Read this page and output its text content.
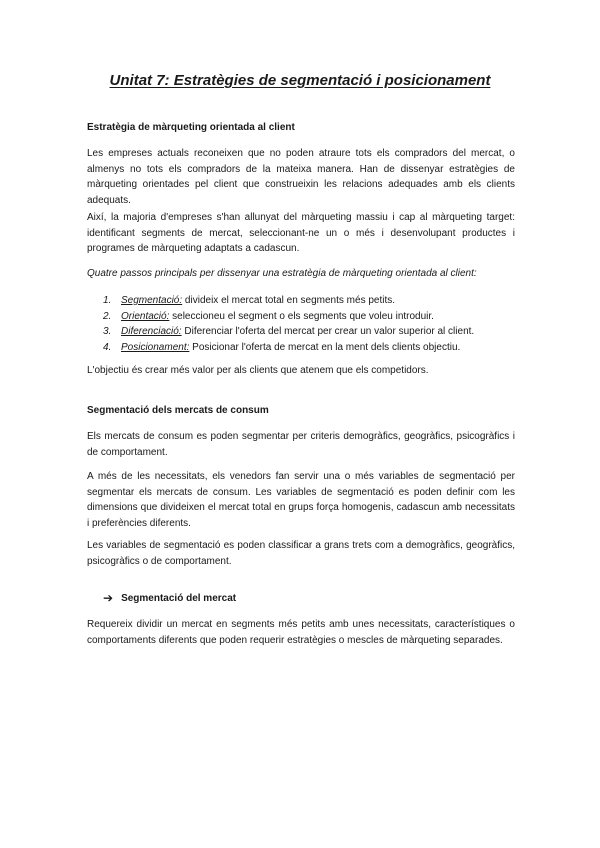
Unitat 7: Estratègies de segmentació i posicionament
Estratègia de màrqueting orientada al client
Les empreses actuals reconeixen que no poden atraure tots els compradors del mercat, o almenys no tots els compradors de la mateixa manera. Han de dissenyar estratègies de màrqueting orientades pel client que construeixin les relacions adequades amb els clients adequats.
Així, la majoria d'empreses s'han allunyat del màrqueting massiu i cap al màrqueting target: identificant segments de mercat, seleccionant-ne un o més i desenvolupant productes i programes de màrqueting adaptats a cadascun.
Quatre passos principals per dissenyar una estratègia de màrqueting orientada al client:
1. Segmentació: divideix el mercat total en segments més petits.
2. Orientació: seleccioneu el segment o els segments que voleu introduir.
3. Diferenciació: Diferenciar l'oferta del mercat per crear un valor superior al client.
4. Posicionament: Posicionar l'oferta de mercat en la ment dels clients objectiu.
L'objectiu és crear més valor per als clients que atenem que els competidors.
Segmentació dels mercats de consum
Els mercats de consum es poden segmentar per criteris demogràfics, geogràfics, psicogràfics i de comportament.
A més de les necessitats, els venedors fan servir una o més variables de segmentació per segmentar els mercats de consum. Les variables de segmentació es poden definir com les dimensions que divideixen el mercat total en grups força homogenis, cadascun amb necessitats i preferències diferents.
Les variables de segmentació es poden classificar a grans trets com a demogràfics, geogràfics, psicogràfics o de comportament.
➔ Segmentació del mercat
Requereix dividir un mercat en segments més petits amb unes necessitats, característiques o comportaments diferents que poden requerir estratègies o mescles de màrqueting separades.
